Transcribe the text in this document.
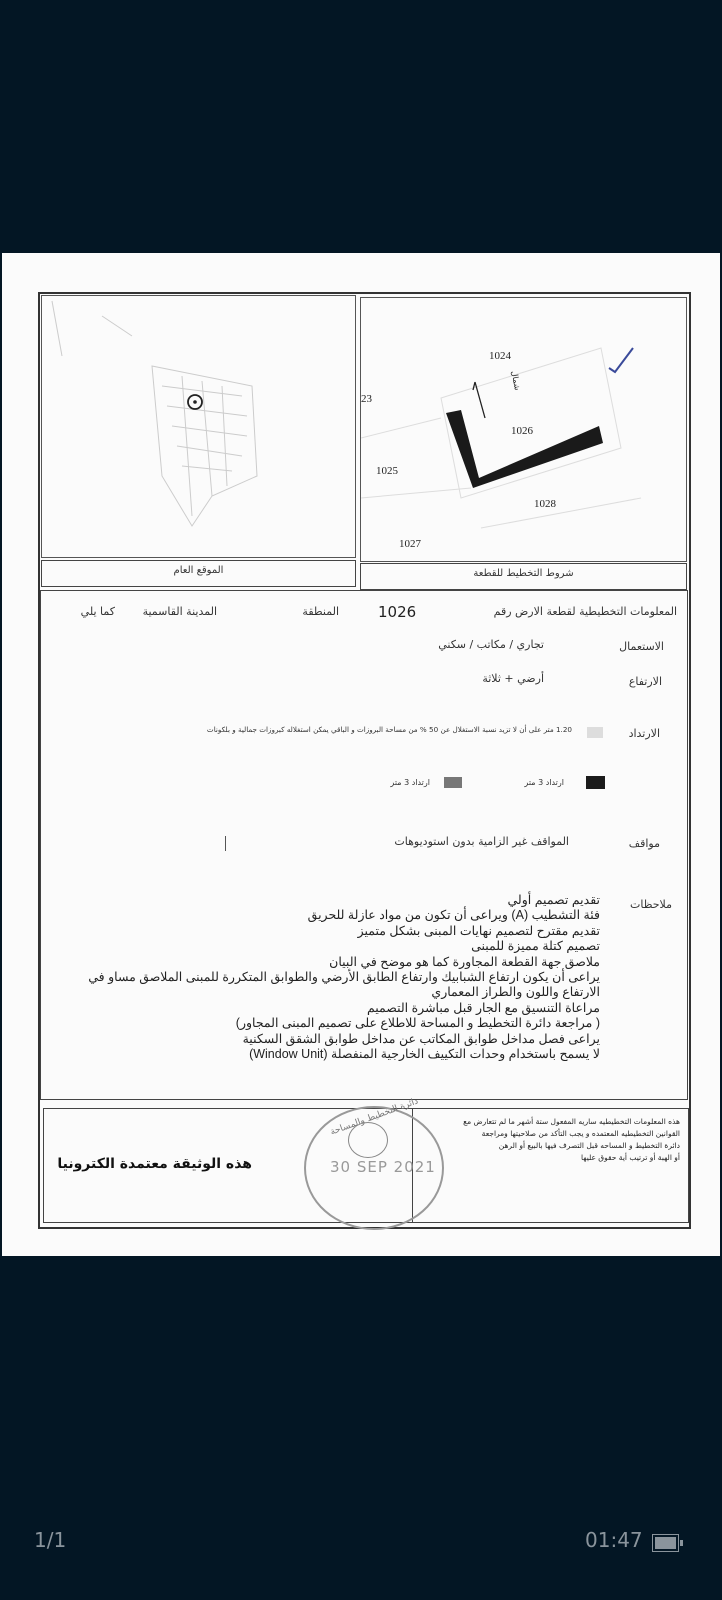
1024
23
1026
1025
1028
1027
شمال
الموقع العام	شروط التخطيط للقطعة
المعلومات التخطيطية لقطعة الارض رقم
1026
المنطقة
المدينة القاسمية
كما يلي
الاستعمال
تجاري / مكاتب / سكني
الارتفاع
أرضي + ثلاثة
الارتداد
1.20 متر على أن لا تزيد نسبة الاستغلال عن 50 % من مساحة البروزات و الباقي يمكن استغلاله كبروزات جمالية و بلكونات
ارتداد 3 متر
ارتداد 3 متر
مواقف
المواقف غير الزامية بدون استوديوهات
ملاحظات
تقديم تصميم أولي
فئة التشطيب (A) ويراعى أن تكون من مواد عازلة للحريق
تقديم مقترح لتصميم نهايات المبنى بشكل متميز
تصميم كتلة مميزة للمبنى
ملاصق جهة القطعة المجاورة كما هو موضح في البيان
يراعى أن يكون ارتفاع الشبابيك وارتفاع الطابق الأرضي والطوابق المتكررة للمبنى الملاصق مساو في
الارتفاع واللون والطراز المعماري
مراعاة التنسيق مع الجار قبل مباشرة التصميم
( مراجعة دائرة التخطيط و المساحة للاطلاع على تصميم المبنى المجاور)
يراعى فصل مداخل طوابق المكاتب عن مداخل طوابق الشقق السكنية
لا يسمح باستخدام وحدات التكييف الخارجية المنفصلة (Window Unit)
هذه المعلومات التخطيطيه ساريه المفعول ستة أشهر ما لم تتعارض مع
القوانين التخطيطيه المعتمده و يجب التأكد من صلاحيتها ومراجعة
دائرة التخطيط و المساحه قبل التصرف فيها بالبيع أو الرهن
أو الهبة أو ترتيب أية حقوق عليها
دائرة التخطيط والمساحة
30 SEP 2021
هذه الوثيقة معتمدة الكترونيا
1/1	01:47
